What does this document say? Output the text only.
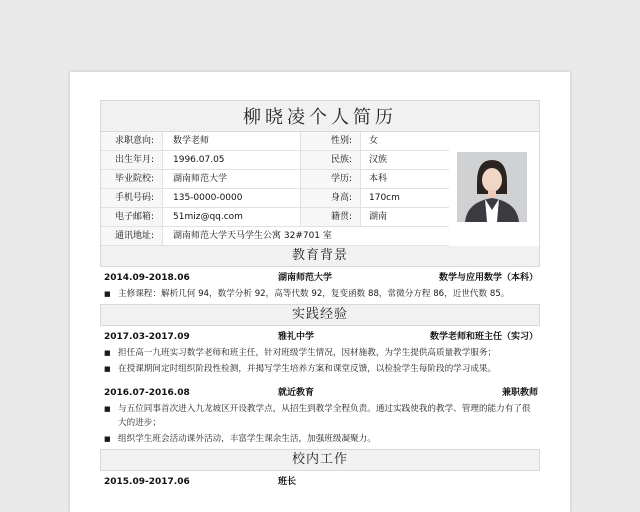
柳晓凌个人简历
求职意向:	数学老师	性别:	女
出生年月:	1996.07.05	民族:	汉族
毕业院校:	湖南师范大学	学历:	本科
手机号码:	135-0000-0000	身高:	170cm
电子邮箱:	51miz@qq.com	籍贯:	湖南
通讯地址:	湖南师范大学天马学生公寓 32#701 室
教育背景
2014.09-2018.06	湖南师范大学	数学与应用数学（本科）
■ 主修课程：解析几何 94，数学分析 92，高等代数 92，复变函数 88，常微分方程 86，近世代数 85。
实践经验
2017.03-2017.09	雅礼中学	数学老师和班主任（实习）
■ 担任高一九班实习数学老师和班主任，针对班级学生情况，因材施教，为学生提供高质量教学服务；
■ 在授课期间定时组织阶段性检测，并揭写学生培养方案和课堂反馈，以检验学生每阶段的学习成果。
2016.07-2016.08	就近教育	兼职教师
■ 与五位同事首次进入九龙坡区开设教学点，从招生到教学全程负责。通过实践使我的教学、管理的能力有了很大的进步；
■ 组织学生班会活动课外活动，丰富学生课余生活，加强班级凝聚力。
校内工作
2015.09-2017.06	班长
